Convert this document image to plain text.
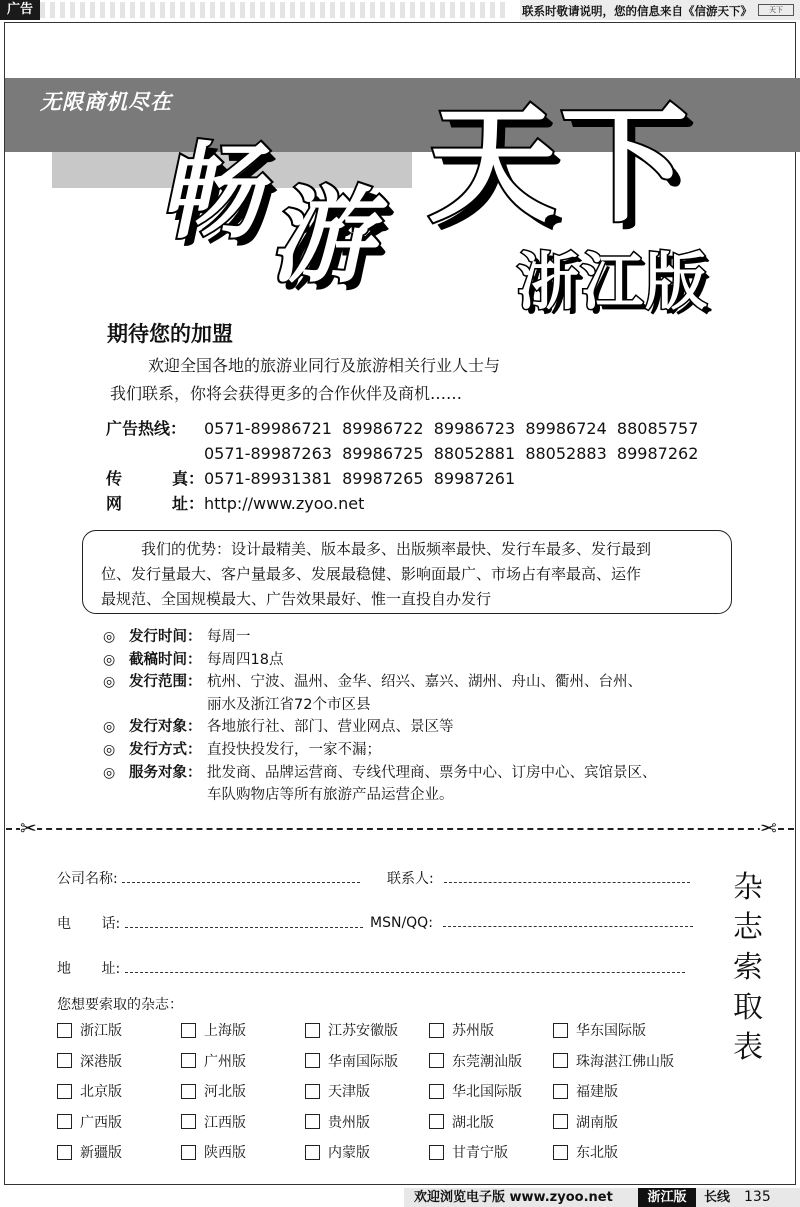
广告	联系时敬请说明，您的信息来自《信游天下》	天下
无限商机尽在
畅
游 天 下
浙江版
期待您的加盟
欢迎全国各地的旅游业同行及旅游相关行业人士与
我们联系，你将会获得更多的合作伙伴及商机……
广告热线：	0571-89986721  89986722  89986723  89986724  88085757
0571-89987263  89986725  88052881  88052883  89987262
传	真： 0571-89931381  89987265  89987261
网	址： http://www.zyoo.net
我们的优势：设计最精美、版本最多、出版频率最快、发行车最多、发行最到
位、发行量最大、客户量最多、发展最稳健、影响面最广、市场占有率最高、运作
最规范、全国规模最大、广告效果最好、惟一直投自办发行
◎ 发行时间： 每周一
◎ 截稿时间： 每周四18点
◎ 发行范围： 杭州、宁波、温州、金华、绍兴、嘉兴、湖州、舟山、衢州、台州、
丽水及浙江省72个市区县
◎ 发行对象： 各地旅行社、部门、营业网点、景区等
◎ 发行方式： 直投快投发行，一家不漏；
◎ 服务对象： 批发商、品牌运营商、专线代理商、票务中心、订房中心、宾馆景区、
车队购物店等所有旅游产品运营企业。
✂	✂
公司名称:	联系人:
电 话:	MSN/QQ:
地 址:
杂
志
索
取
表
您想要索取的杂志：
浙江版	上海版	江苏安徽版	苏州版	华东国际版
深港版	广州版	华南国际版	东莞潮汕版	珠海湛江佛山版
北京版	河北版	天津版	华北国际版	福建版
广西版	江西版	贵州版	湖北版	湖南版
新疆版	陕西版	内蒙版	甘青宁版	东北版
欢迎浏览电子版 www.zyoo.net	浙江版	长线 135
